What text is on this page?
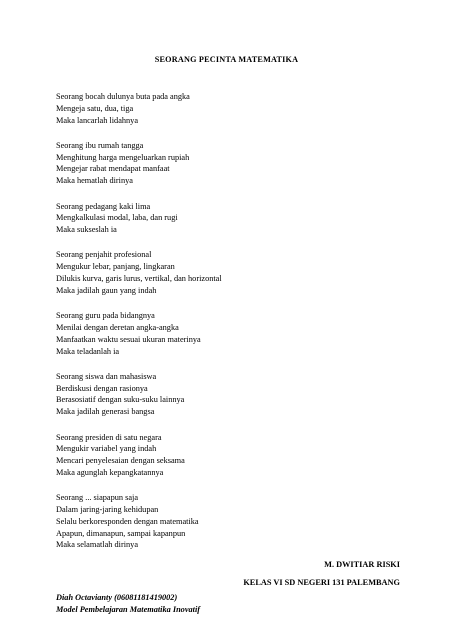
SEORANG PECINTA MATEMATIKA
Seorang bocah dulunya buta pada angka
Mengeja satu, dua, tiga
Maka lancarlah lidahnya
Seorang ibu rumah tangga
Menghitung harga mengeluarkan rupiah
Mengejar rabat mendapat manfaat
Maka hematlah dirinya
Seorang pedagang kaki lima
Mengkalkulasi modal, laba, dan rugi
Maka sukseslah ia
Seorang penjahit profesional
Mengukur lebar, panjang, lingkaran
Dilukis kurva, garis lurus, vertikal, dan horizontal
Maka jadilah gaun yang indah
Seorang guru pada bidangnya
Menilai dengan deretan angka-angka
Manfaatkan waktu sesuai ukuran materinya
Maka teladanlah ia
Seorang siswa dan mahasiswa
Berdiskusi dengan rasionya
Berasosiatif dengan suku-suku lainnya
Maka jadilah generasi bangsa
Seorang presiden di satu negara
Mengukir variabel yang indah
Mencari penyelesaian dengan seksama
Maka agunglah kepangkatannya
Seorang ... siapapun saja
Dalam jaring-jaring kehidupan
Selalu berkoresponden dengan matematika
Apapun, dimanapun, sampai kapanpun
Maka selamatlah dirinya
M. DWITIAR RISKI
KELAS VI SD NEGERI 131 PALEMBANG
Diah Octavianty (06081181419002)
Model Pembelajaran Matematika Inovatif
